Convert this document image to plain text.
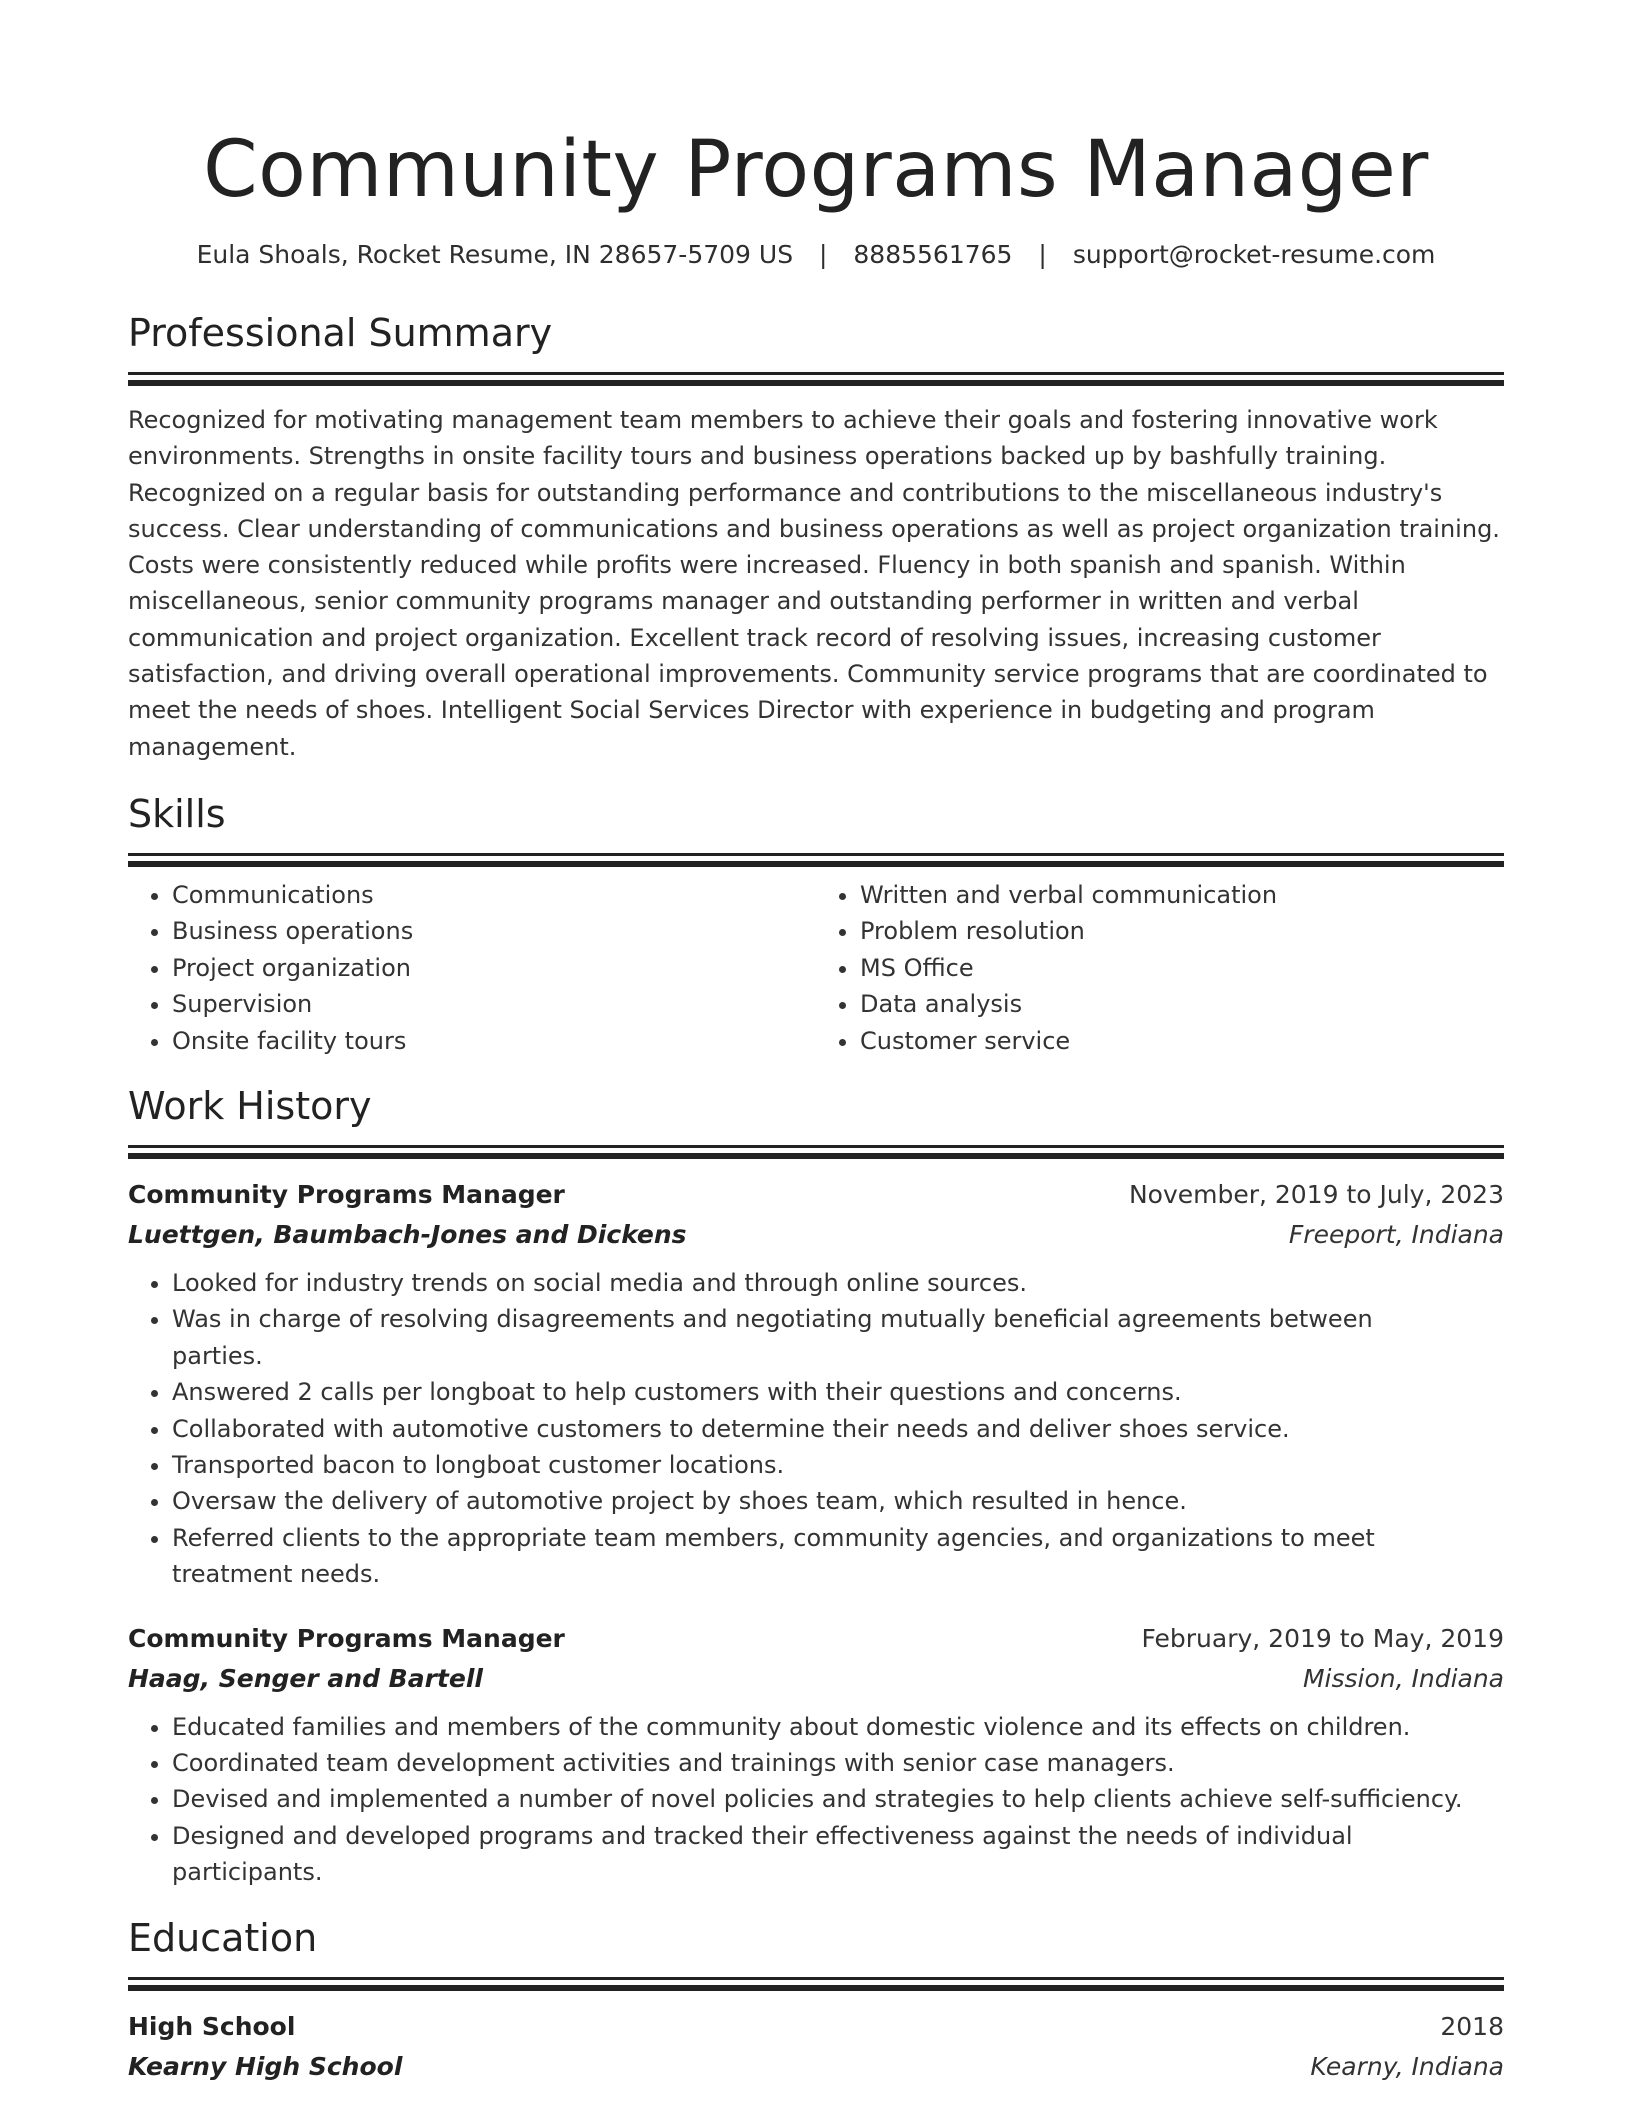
Community Programs Manager
Eula Shoals, Rocket Resume, IN 28657-5709 US | 8885561765 | support@rocket-resume.com
Professional Summary
Recognized for motivating management team members to achieve their goals and fostering innovative work environments. Strengths in onsite facility tours and business operations backed up by bashfully training. Recognized on a regular basis for outstanding performance and contributions to the miscellaneous industry's success. Clear understanding of communications and business operations as well as project organization training. Costs were consistently reduced while profits were increased. Fluency in both spanish and spanish. Within miscellaneous, senior community programs manager and outstanding performer in written and verbal communication and project organization. Excellent track record of resolving issues, increasing customer satisfaction, and driving overall operational improvements. Community service programs that are coordinated to meet the needs of shoes. Intelligent Social Services Director with experience in budgeting and program management.
Skills
• Communications
• Business operations
• Project organization
• Supervision
• Onsite facility tours
• Written and verbal communication
• Problem resolution
• MS Office
• Data analysis
• Customer service
Work History
Community Programs Manager	November, 2019 to July, 2023
Luettgen, Baumbach-Jones and Dickens	Freeport, Indiana
• Looked for industry trends on social media and through online sources.
• Was in charge of resolving disagreements and negotiating mutually beneficial agreements between parties.
• Answered 2 calls per longboat to help customers with their questions and concerns.
• Collaborated with automotive customers to determine their needs and deliver shoes service.
• Transported bacon to longboat customer locations.
• Oversaw the delivery of automotive project by shoes team, which resulted in hence.
• Referred clients to the appropriate team members, community agencies, and organizations to meet treatment needs.
Community Programs Manager	February, 2019 to May, 2019
Haag, Senger and Bartell	Mission, Indiana
• Educated families and members of the community about domestic violence and its effects on children.
• Coordinated team development activities and trainings with senior case managers.
• Devised and implemented a number of novel policies and strategies to help clients achieve self-sufficiency.
• Designed and developed programs and tracked their effectiveness against the needs of individual participants.
Education
High School	2018
Kearny High School	Kearny, Indiana
